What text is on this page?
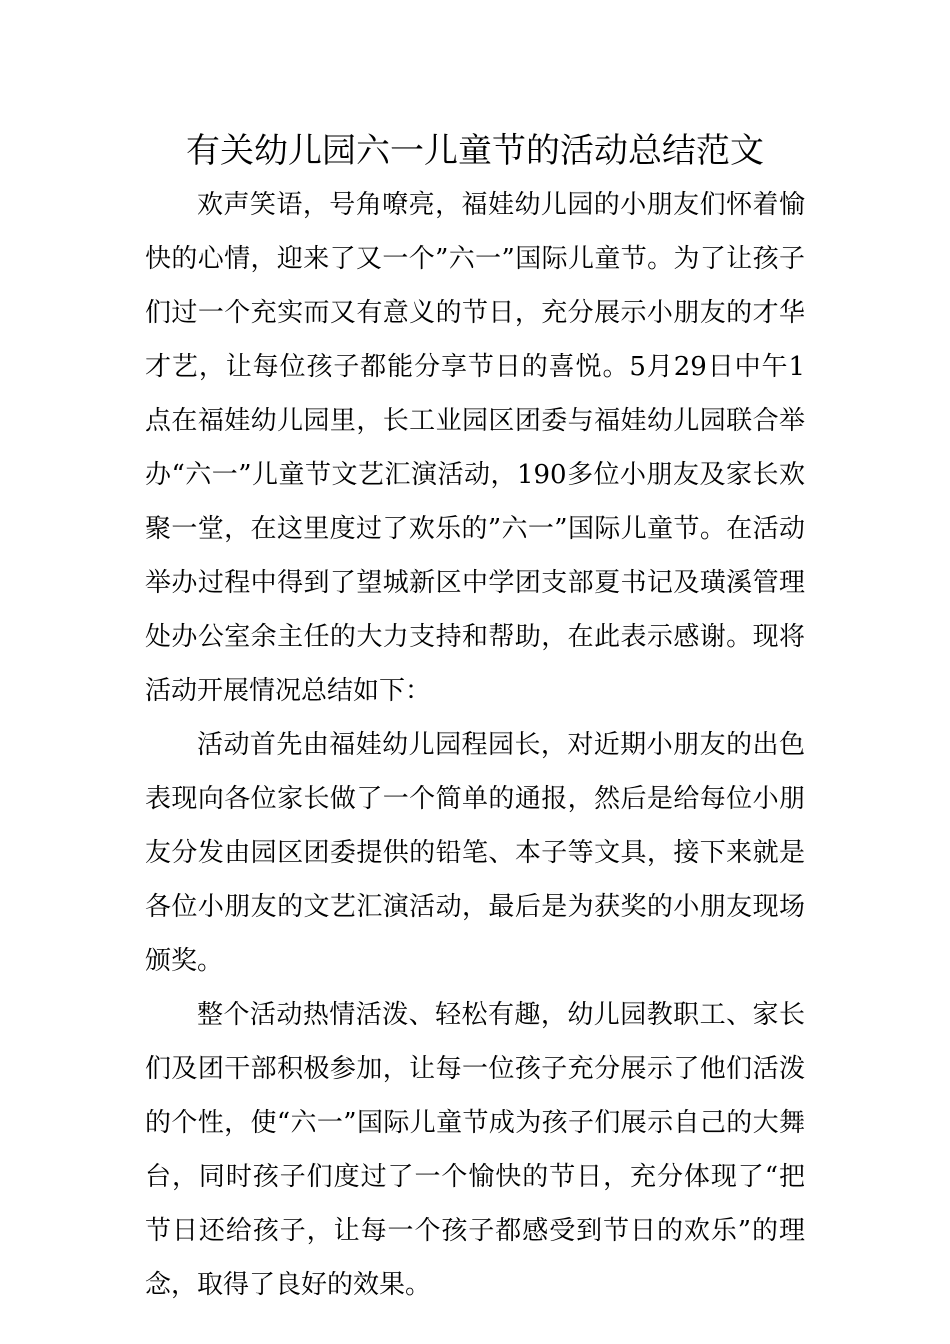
有关幼儿园六一儿童节的活动总结范文

欢声笑语，号角嘹亮，福娃幼儿园的小朋友们怀着愉快的心情，迎来了又一个”六一”国际儿童节。为了让孩子们过一个充实而又有意义的节日，充分展示小朋友的才华才艺，让每位孩子都能分享节日的喜悦。5月29日中午1点在福娃幼儿园里，长工业园区团委与福娃幼儿园联合举办“六一”儿童节文艺汇演活动，190多位小朋友及家长欢聚一堂，在这里度过了欢乐的”六一”国际儿童节。在活动举办过程中得到了望城新区中学团支部夏书记及璜溪管理处办公室余主任的大力支持和帮助，在此表示感谢。现将活动开展情况总结如下：

活动首先由福娃幼儿园程园长，对近期小朋友的出色表现向各位家长做了一个简单的通报，然后是给每位小朋友分发由园区团委提供的铅笔、本子等文具，接下来就是各位小朋友的文艺汇演活动，最后是为获奖的小朋友现场颁奖。

整个活动热情活泼、轻松有趣，幼儿园教职工、家长们及团干部积极参加，让每一位孩子充分展示了他们活泼的个性，使“六一”国际儿童节成为孩子们展示自己的大舞台，同时孩子们度过了一个愉快的节日，充分体现了“把节日还给孩子，让每一个孩子都感受到节日的欢乐”的理念，取得了良好的效果。
